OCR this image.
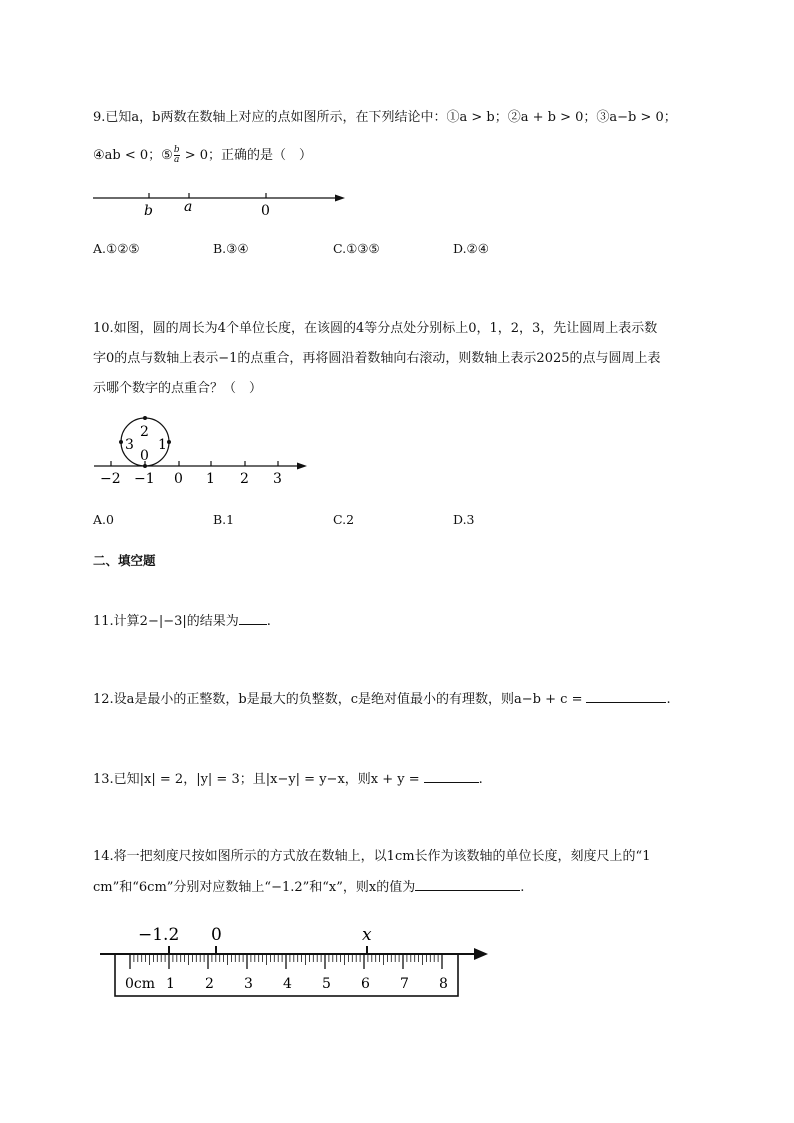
9.已知a，b两数在数轴上对应的点如图所示，在下列结论中：①a > b；②a + b > 0；③a−b > 0；
④ab < 0；⑤ $\frac{b}{a} > 0$；正确的是（　）
b a	0
A.①②⑤	B.③④	C.①③⑤	D.②④
10.如图，圆的周长为4个单位长度，在该圆的4等分点处分别标上0，1，2，3，先让圆周上表示数
字0的点与数轴上表示−1的点重合，再将圆沿着数轴向右滚动，则数轴上表示2025的点与圆周上表
示哪个数字的点重合？（　）
2
1
3
0
−2 −1 0 1 2 3
A.0	B.1	C.2	D.3
二、填空题
11.计算2−|−3|的结果为 .
12.设a是最小的正整数，b是最大的负整数，c是绝对值最小的有理数，则a−b + c =	.
13.已知|x| = 2，|y| = 3；且|x−y| = y−x，则x + y =	.
14.将一把刻度尺按如图所示的方式放在数轴上，以1cm长作为该数轴的单位长度，刻度尺上的“1
cm”和“6cm”分别对应数轴上“−1.2”和“x”，则x的值为	.
−1.2 0	x
0cm 1 2 3 4 5 6 7 8
